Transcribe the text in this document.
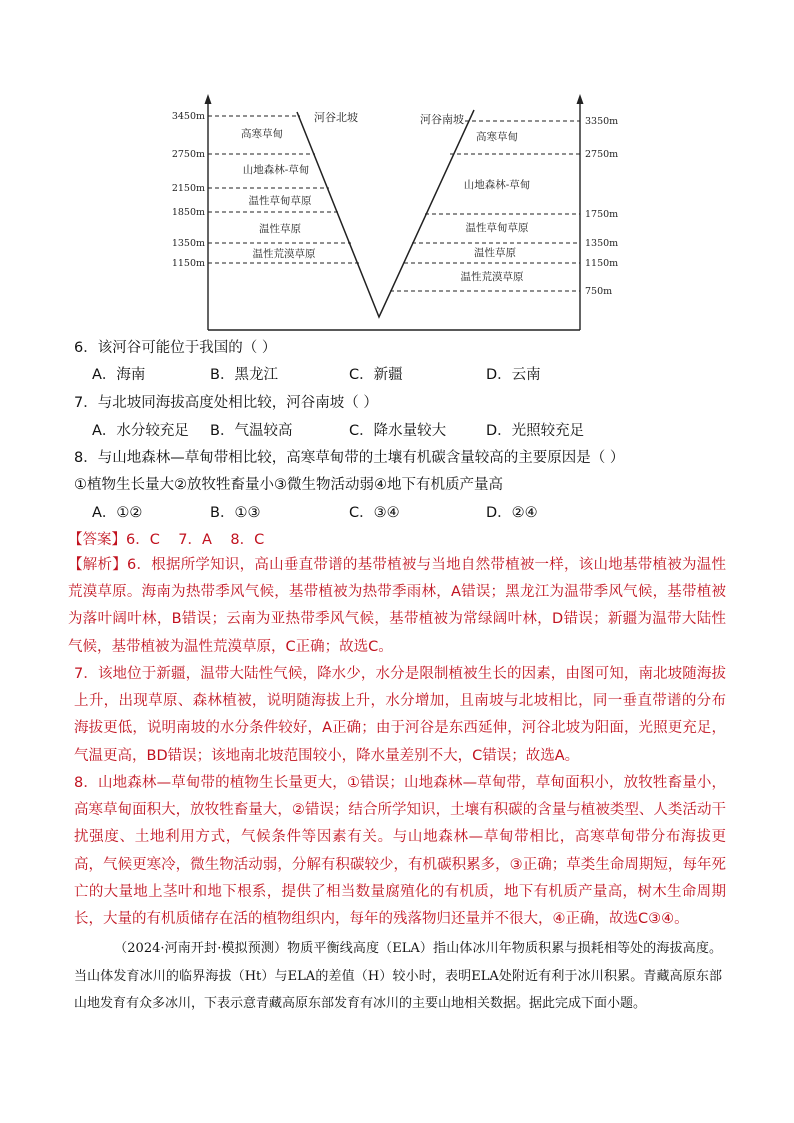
3450m
2750m
2150m
1850m
1350m
1150m
3350m
2750m
1750m
1350m
1150m
750m
河谷北坡	河谷南坡
高寒草甸
山地森林-草甸
温性草甸草原
温性草原
温性荒漠草原
高寒草甸
山地森林-草甸
温性草甸草原
温性草原
温性荒漠草原
6．该河谷可能位于我国的（ ）
A．海南	B．黑龙江	C．新疆	D．云南
7．与北坡同海拔高度处相比较，河谷南坡（ ）
A．水分较充足 B．气温较高	C．降水量较大	D．光照较充足
8．与山地森林—草甸带相比较，高寒草甸带的土壤有机碳含量较高的主要原因是（ ）
①植物生长量大②放牧牲畜量小③微生物活动弱④地下有机质产量高
A．①②	B．①③	C．③④	D．②④
【答案】6．C    7．A    8．C
【解析】6．根据所学知识，高山垂直带谱的基带植被与当地自然带植被一样，该山地基带植被为温性荒漠草原。海南为热带季风气候，基带植被为热带季雨林，A错误；黑龙江为温带季风气候，基带植被为落叶阔叶林，B错误；云南为亚热带季风气候，基带植被为常绿阔叶林，D错误；新疆为温带大陆性气候，基带植被为温性荒漠草原，C正确；故选C。
7．该地位于新疆，温带大陆性气候，降水少，水分是限制植被生长的因素，由图可知，南北坡随海拔上升，出现草原、森林植被，说明随海拔上升，水分增加，且南坡与北坡相比，同一垂直带谱的分布海拔更低，说明南坡的水分条件较好，A正确；由于河谷是东西延伸，河谷北坡为阳面，光照更充足，气温更高，BD错误；该地南北坡范围较小，降水量差别不大，C错误；故选A。
8．山地森林—草甸带的植物生长量更大，①错误；山地森林—草甸带，草甸面积小，放牧牲畜量小，高寒草甸面积大，放牧牲畜量大，②错误；结合所学知识，土壤有积碳的含量与植被类型、人类活动干扰强度、土地利用方式，气候条件等因素有关。与山地森林—草甸带相比，高寒草甸带分布海拔更高，气候更寒冷，微生物活动弱，分解有积碳较少，有机碳积累多，③正确；草类生命周期短，每年死亡的大量地上茎叶和地下根系，提供了相当数量腐殖化的有机质，地下有机质产量高，树木生命周期长，大量的有机质储存在活的植物组织内，每年的残落物归还量并不很大，④正确，故选C③④。
（2024·河南开封·模拟预测）物质平衡线高度（ELA）指山体冰川年物质积累与损耗相等处的海拔高度。当山体发育冰川的临界海拔（Ht）与ELA的差值（H）较小时，表明ELA处附近有利于冰川积累。青藏高原东部山地发育有众多冰川，下表示意青藏高原东部发育有冰川的主要山地相关数据。据此完成下面小题。
